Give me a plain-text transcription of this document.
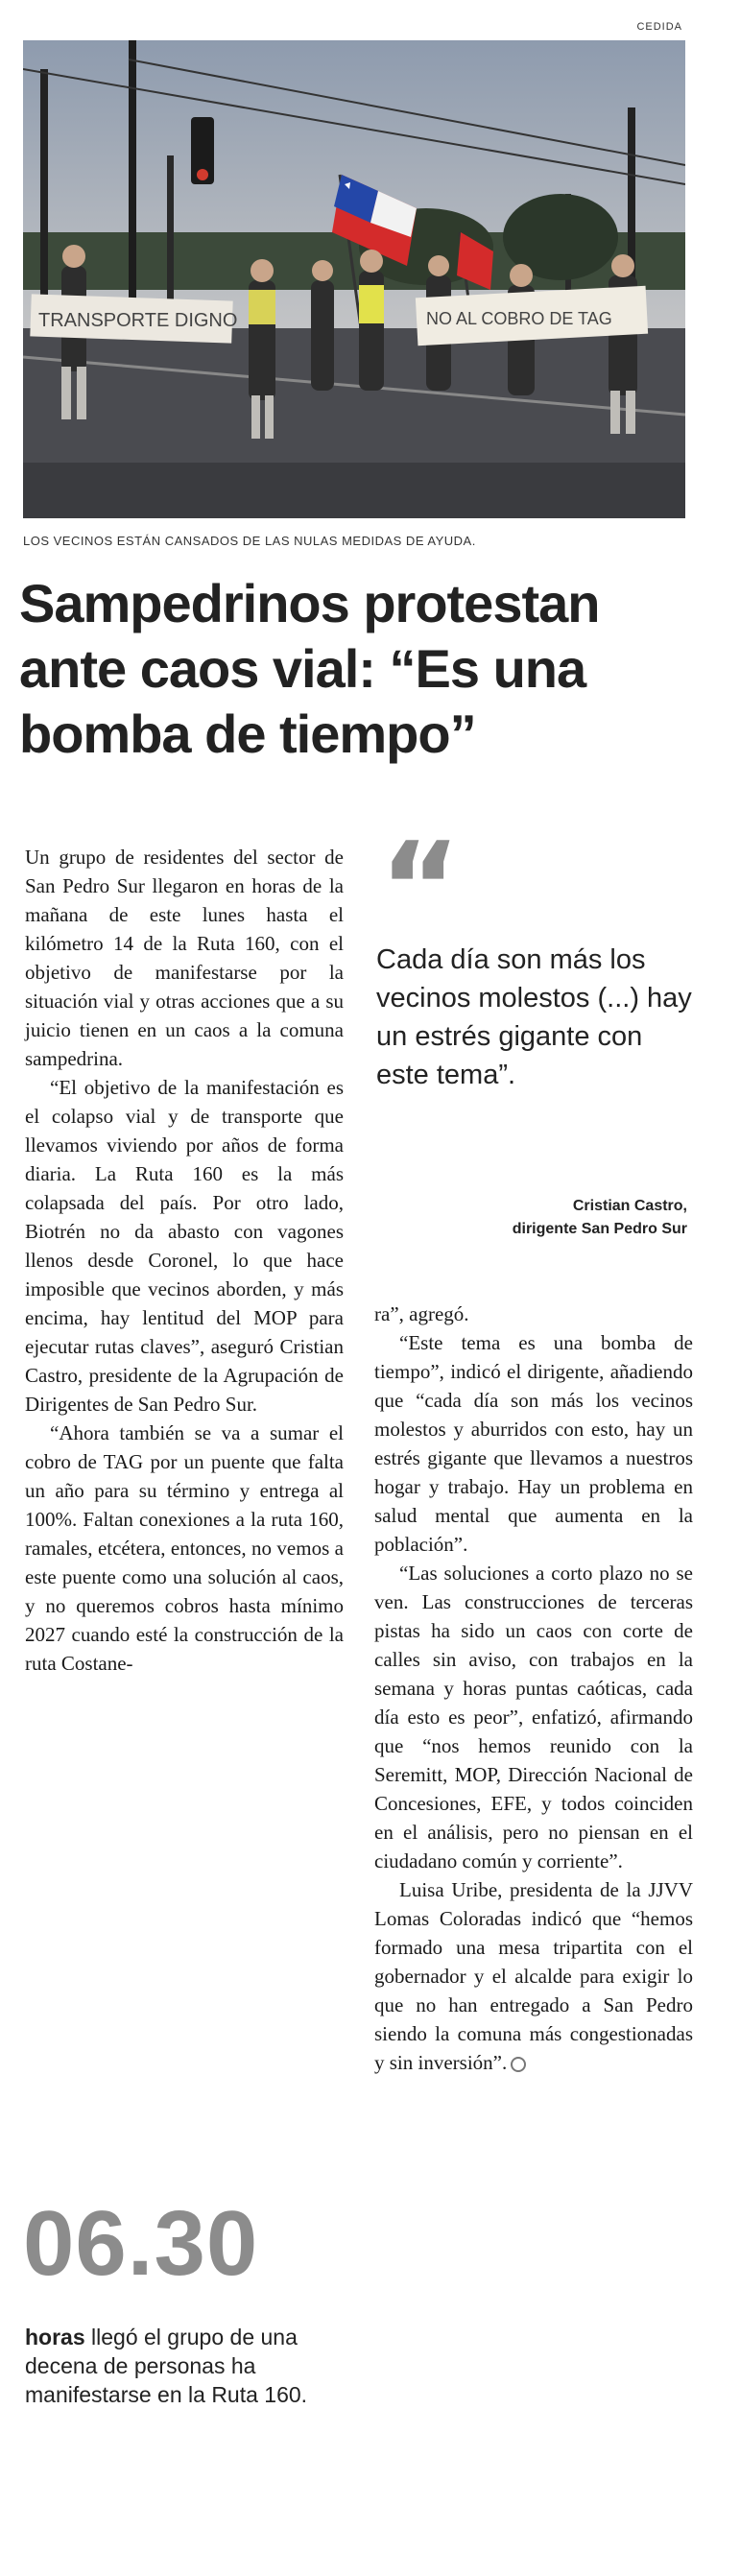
CEDIDA
TRANSPORTE DIGNO	NO AL COBRO DE TAG
LOS VECINOS ESTÁN CANSADOS DE LAS NULAS MEDIDAS DE AYUDA.
Sampedrinos protestan ante caos vial: “Es una bomba de tiempo”

Un grupo de residentes del sector de San Pedro Sur llegaron en horas de la mañana de este lunes hasta el kilómetro 14 de la Ruta 160, con el objetivo de manifestarse por la situación vial y otras acciones que a su juicio tienen en un caos a la comuna sampedrina.

“El objetivo de la manifestación es el colapso vial y de transporte que llevamos viviendo por años de forma diaria. La Ruta 160 es la más colapsada del país. Por otro lado, Biotrén no da abasto con vagones llenos desde Coronel, lo que hace imposible que vecinos aborden, y más encima, hay lentitud del MOP para ejecutar rutas claves”, aseguró Cristian Castro, presidente de la Agrupación de Dirigentes de San Pedro Sur.

“Ahora también se va a sumar el cobro de TAG por un puente que falta un año para su término y entrega al 100%. Faltan conexiones a la ruta 160, ramales, etcétera, entonces, no vemos a este puente como una solución al caos, y no queremos cobros hasta mínimo 2027 cuando esté la construcción de la ruta Costane-

“
Cada día son más los vecinos molestos (...) hay un estrés gigante con este tema”.
Cristian Castro,
dirigente San Pedro Sur

ra”, agregó.

“Este tema es una bomba de tiempo”, indicó el dirigente, añadiendo que “cada día son más los vecinos molestos y aburridos con esto, hay un estrés gigante que llevamos a nuestros hogar y trabajo. Hay un problema en salud mental que aumenta en la población”.

“Las soluciones a corto plazo no se ven. Las construcciones de terceras pistas ha sido un caos con corte de calles sin aviso, con trabajos en la semana y horas puntas caóticas, cada día esto es peor”, enfatizó, afirmando que “nos hemos reunido con la Seremitt, MOP, Dirección Nacional de Concesiones, EFE, y todos coinciden en el análisis, pero no piensan en el ciudadano común y corriente”.

Luisa Uribe, presidenta de la JJVV Lomas Coloradas indicó que “hemos formado una mesa tripartita con el gobernador y el alcalde para exigir lo que no han entregado a San Pedro siendo la comuna más congestionadas y sin inversión”.

06.30
horas llegó el grupo de una decena de personas ha manifestarse en la Ruta 160.
